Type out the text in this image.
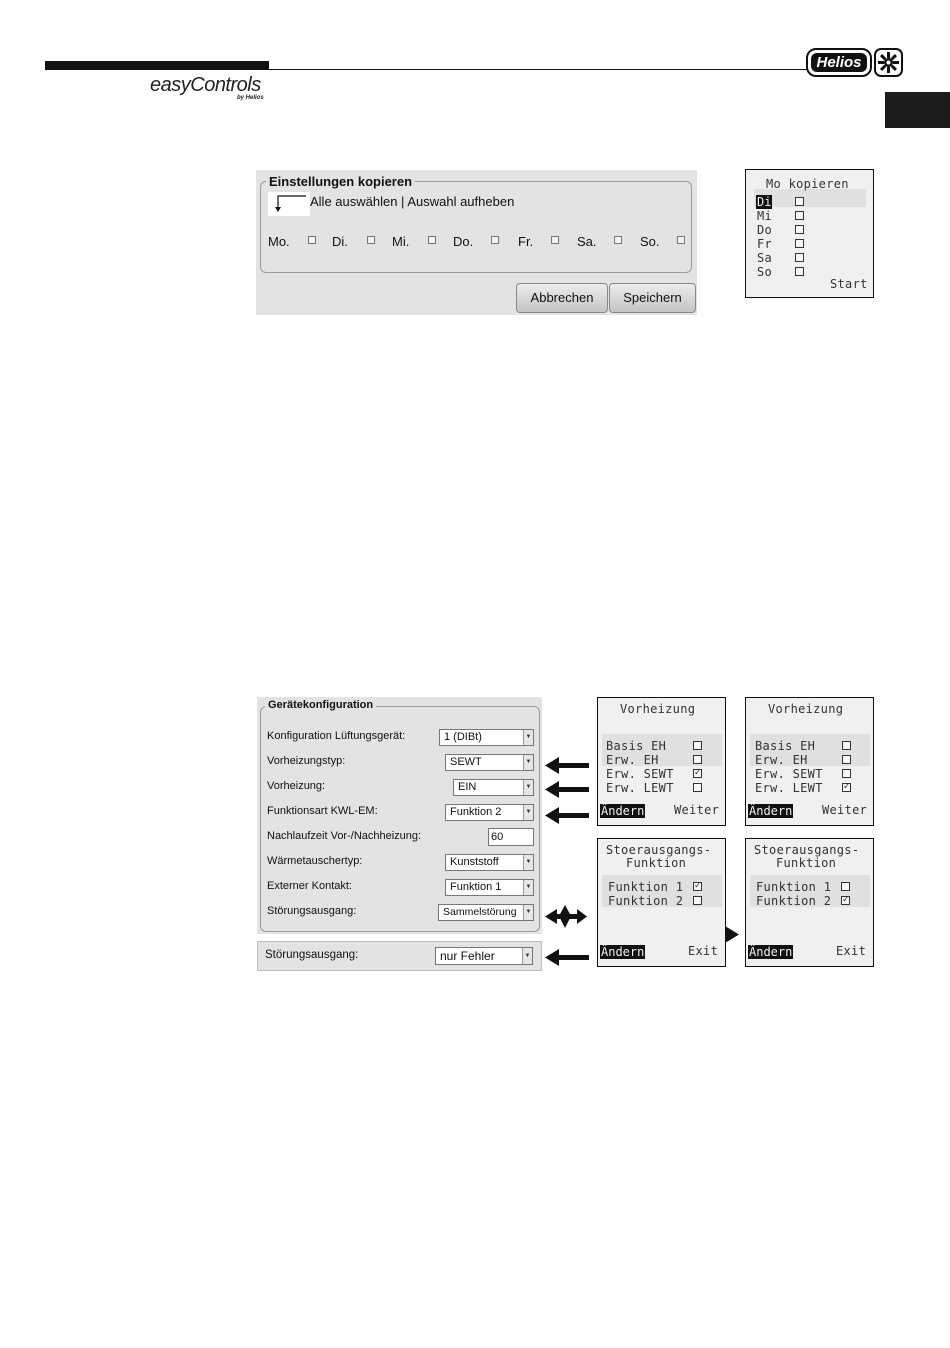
easyControls
by Helios
Helios
Einstellungen kopieren
Alle auswählen | Auswahl aufheben
Mo.	Di.	Mi.	Do.	Fr.	Sa.	So.
Abbrechen	Speichern
Mo kopieren
Di
Mi
Do
Fr
Sa
So
Start
Gerätekonfiguration
Konfiguration Lüftungsgerät:	1 (DIBt)	▼
Vorheizungstyp:	SEWT	▼
Vorheizung:	EIN	▼
Funktionsart KWL-EM:	Funktion 2	▼
Nachlaufzeit Vor-/Nachheizung:	60
Wärmetauschertyp:	Kunststoff	▼
Externer Kontakt:	Funktion 1	▼
Störungsausgang:	Sammelstörung	▼
Störungsausgang:	nur Fehler	▼
Vorheizung
Basis EH
Erw. EH
Erw. SEWT ✓
Erw. LEWT
Ändern Weiter
Vorheizung
Basis EH
Erw. EH
Erw. SEWT
Erw. LEWT ✓
Ändern Weiter
Stoerausgangs-
Funktion
Funktion 1 ✓
Funktion 2
Ändern	Exit
Stoerausgangs-
Funktion
Funktion 1
Funktion 2 ✓
Ändern	Exit
